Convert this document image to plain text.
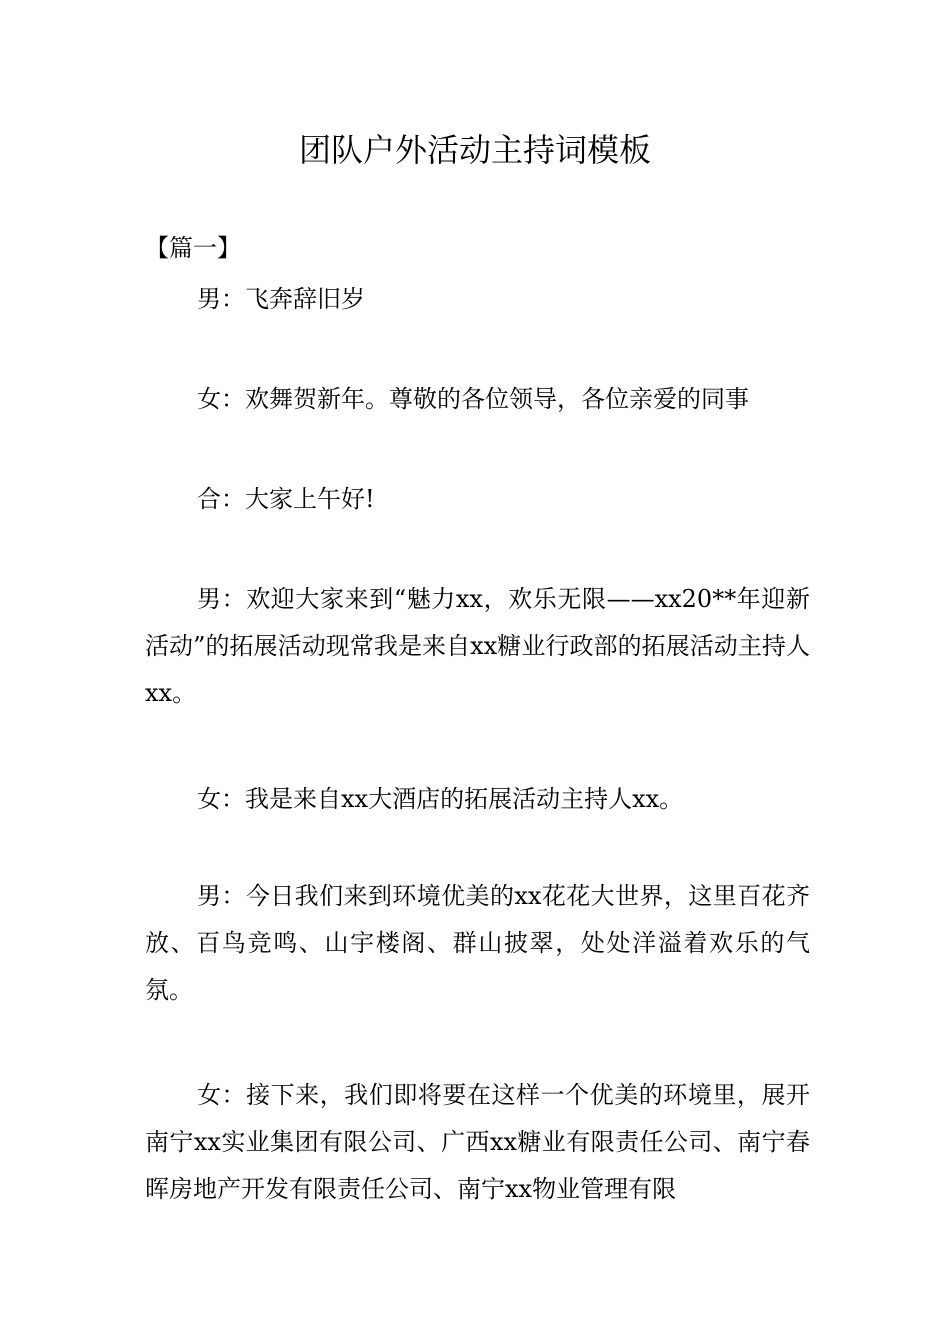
团队户外活动主持词模板
【篇一】

男：飞奔辞旧岁

女：欢舞贺新年。尊敬的各位领导，各位亲爱的同事

合：大家上午好!

男：欢迎大家来到“魅力xx，欢乐无限——xx20**年迎新活动”的拓展活动现常我是来自xx糖业行政部的拓展活动主持人xx。

女：我是来自xx大酒店的拓展活动主持人xx。

男：今日我们来到环境优美的xx花花大世界，这里百花齐放、百鸟竞鸣、山宇楼阁、群山披翠，处处洋溢着欢乐的气氛。

女：接下来，我们即将要在这样一个优美的环境里，展开南宁xx实业集团有限公司、广西xx糖业有限责任公司、南宁春晖房地产开发有限责任公司、南宁xx物业管理有限
